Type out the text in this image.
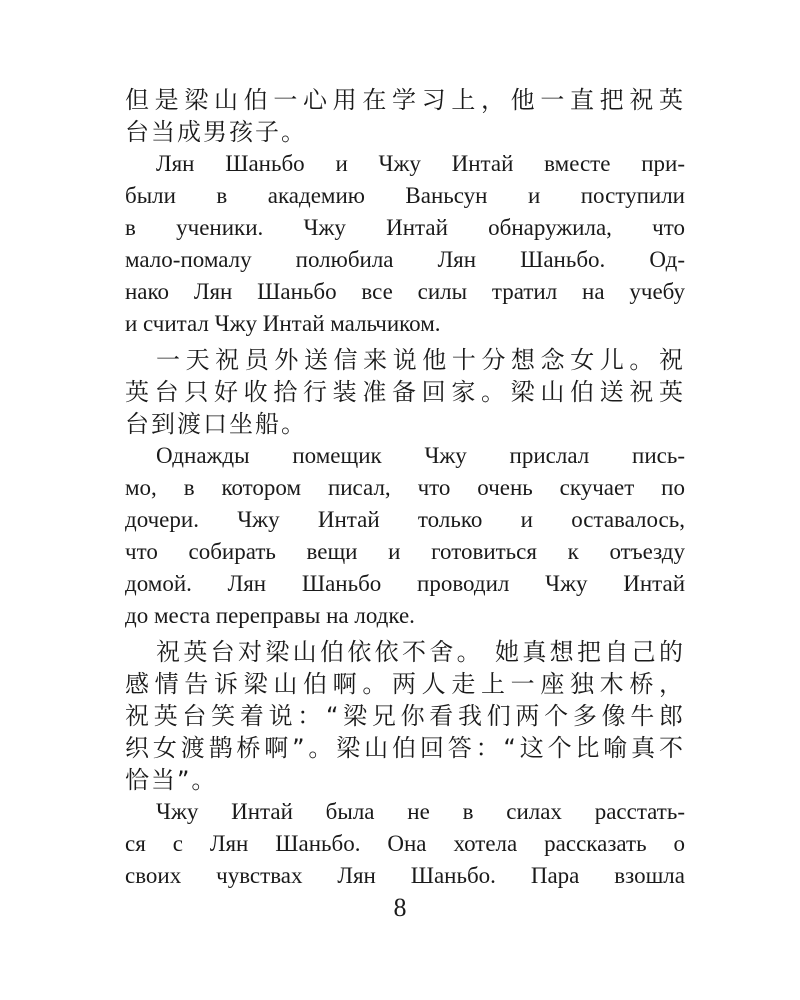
但是梁山伯一心用在学习上，他一直把祝英
台当成男孩子。
Лян Шаньбо и Чжу Интай вместе при-
были в академию Ваньсун и поступили
в ученики. Чжу Интай обнаружила, что
мало-помалу полюбила Лян Шаньбо. Од-
нако Лян Шаньбо все силы тратил на учебу
и считал Чжу Интай мальчиком.
一天祝员外送信来说他十分想念女儿。祝
英台只好收拾行装准备回家。梁山伯送祝英
台到渡口坐船。
Однажды помещик Чжу прислал пись-
мо, в котором писал, что очень скучает по
дочери. Чжу Интай только и оставалось,
что собирать вещи и готовиться к отъезду
домой. Лян Шаньбо проводил Чжу Интай
до места переправы на лодке.
祝英台对梁山伯依依不舍。 她真想把自己的
感情告诉梁山伯啊。两人走上一座独木桥，
祝英台笑着说：“梁兄你看我们两个多像牛郎
织女渡鹊桥啊”。梁山伯回答：“这个比喻真不
恰当”。
Чжу Интай была не в силах расстать-
ся с Лян Шаньбо. Она хотела рассказать о
своих чувствах Лян Шаньбо. Пара взошла
8
